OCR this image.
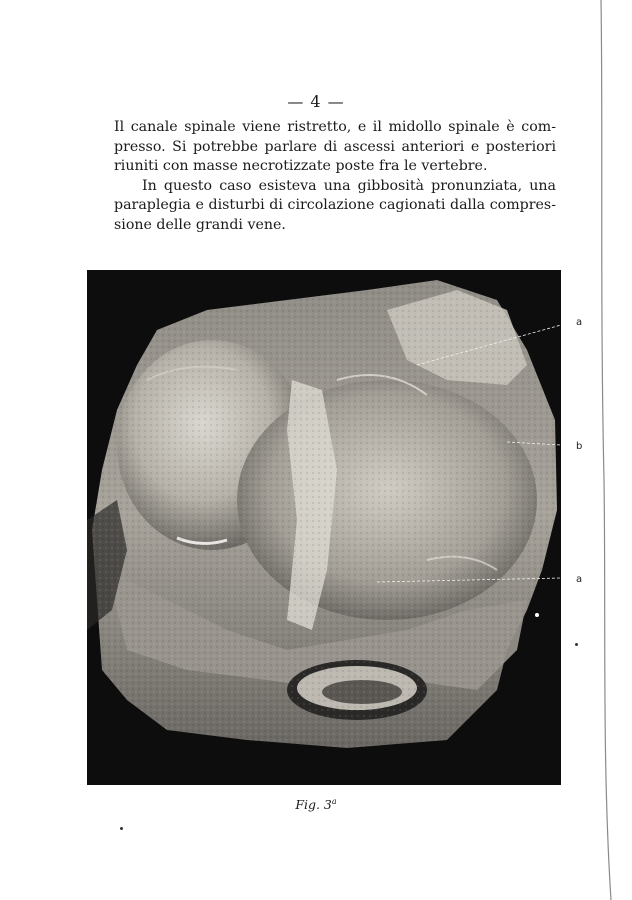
— 4 —
Il canale spinale viene ristretto, e il midollo spinale è com-
presso. Si potrebbe parlare di ascessi anteriori e posteriori
riuniti con masse necrotizzate poste fra le vertebre.
In questo caso esisteva una gibbosità pronunziata, una
paraplegia e disturbi di circolazione cagionati dalla compres-
sione delle grandi vene.
a
b
a
Fig. 3$^a$
